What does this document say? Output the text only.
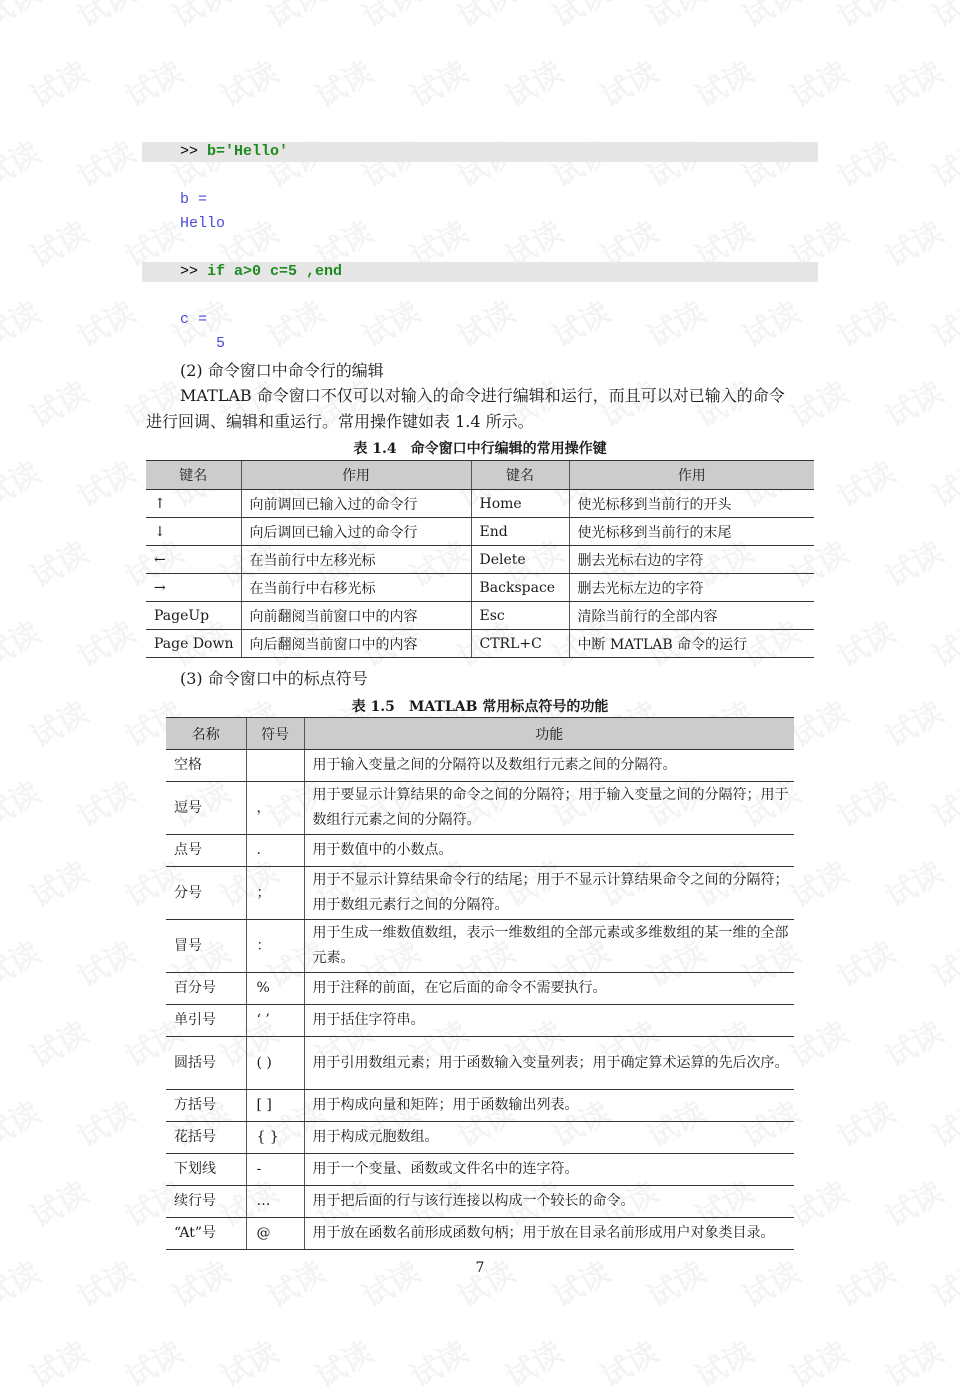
>> b='Hello'
b =
Hello
>> if a>0 c=5 ,end
c =
5
(2) 命令窗口中命令行的编辑
MATLAB 命令窗口不仅可以对输入的命令进行编辑和运行，而且可以对已输入的命令
进行回调、编辑和重运行。常用操作键如表 1.4 所示。
表 1.4　命令窗口中行编辑的常用操作键
键名	作用	键名	作用
↑	向前调回已输入过的命令行	Home	使光标移到当前行的开头
↓	向后调回已输入过的命令行	End	使光标移到当前行的末尾
←	在当前行中左移光标	Delete	删去光标右边的字符
→	在当前行中右移光标	Backspace	删去光标左边的字符
PageUp	向前翻阅当前窗口中的内容	Esc	清除当前行的全部内容
Page Down	向后翻阅当前窗口中的内容	CTRL+C	中断 MATLAB 命令的运行
(3) 命令窗口中的标点符号
表 1.5　MATLAB 常用标点符号的功能
名称	符号	功能
空格		用于输入变量之间的分隔符以及数组行元素之间的分隔符。
逗号	，	用于要显示计算结果的命令之间的分隔符；用于输入变量之间的分隔符；用于数组行元素之间的分隔符。
点号	.	用于数值中的小数点。
分号	；	用于不显示计算结果命令行的结尾；用于不显示计算结果命令之间的分隔符；用于数组元素行之间的分隔符。
冒号	：	用于生成一维数值数组，表示一维数组的全部元素或多维数组的某一维的全部元素。
百分号	%	用于注释的前面，在它后面的命令不需要执行。
单引号	‘ ’	用于括住字符串。
圆括号	( )	用于引用数组元素；用于函数输入变量列表；用于确定算术运算的先后次序。
方括号	[ ]	用于构成向量和矩阵；用于函数输出列表。
花括号	{ }	用于构成元胞数组。
下划线	-	用于一个变量、函数或文件名中的连字符。
续行号	…	用于把后面的行与该行连接以构成一个较长的命令。
“At”号	@	用于放在函数名前形成函数句柄；用于放在目录名前形成用户对象类目录。
7
